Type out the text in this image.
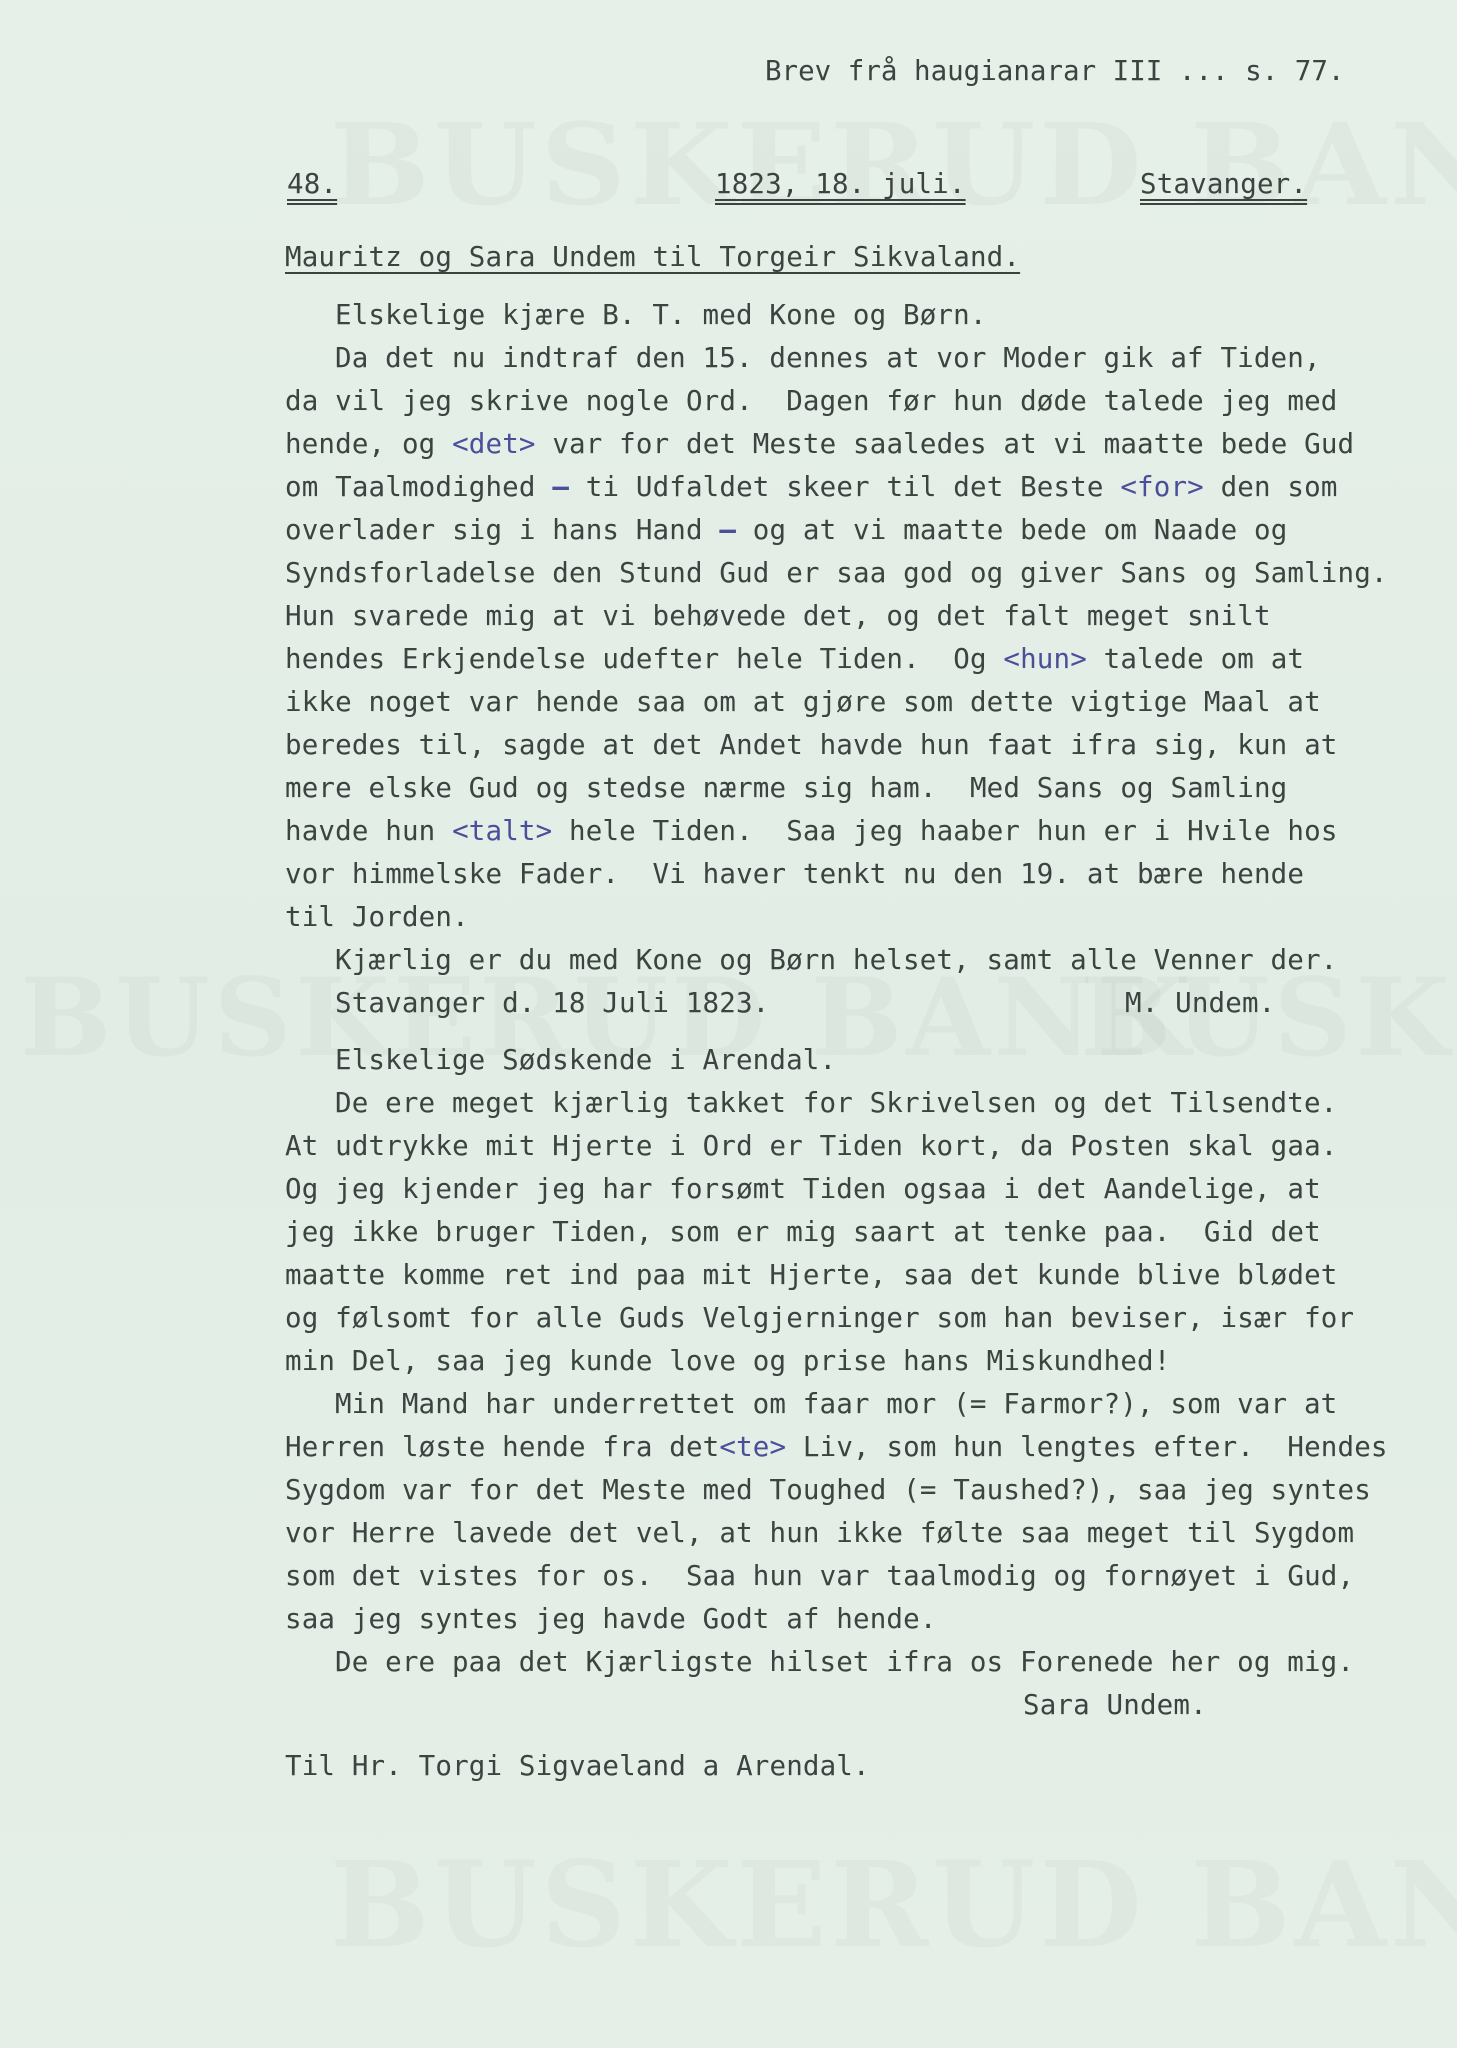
Brev frå haugianarar III ... s. 77.
48.	1823, 18. juli.	Stavanger.
Mauritz og Sara Undem til Torgeir Sikvaland.
Elskelige kjære B. T. med Kone og Børn.
Da det nu indtraf den 15. dennes at vor Moder gik af Tiden,
da vil jeg skrive nogle Ord.  Dagen før hun døde talede jeg med
hende, og <det> var for det Meste saaledes at vi maatte bede Gud
om Taalmodighed – ti Udfaldet skeer til det Beste <for> den som
overlader sig i hans Hand – og at vi maatte bede om Naade og
Syndsforladelse den Stund Gud er saa god og giver Sans og Samling.
Hun svarede mig at vi behøvede det, og det falt meget snilt
hendes Erkjendelse udefter hele Tiden.  Og <hun> talede om at
ikke noget var hende saa om at gjøre som dette vigtige Maal at
beredes til, sagde at det Andet havde hun faat ifra sig, kun at
mere elske Gud og stedse nærme sig ham.  Med Sans og Samling
havde hun <talt> hele Tiden.  Saa jeg haaber hun er i Hvile hos
vor himmelske Fader.  Vi haver tenkt nu den 19. at bære hende
til Jorden.
Kjærlig er du med Kone og Børn helset, samt alle Venner der.
Stavanger d. 18 Juli 1823.	M. Undem.
Elskelige Sødskende i Arendal.
De ere meget kjærlig takket for Skrivelsen og det Tilsendte.
At udtrykke mit Hjerte i Ord er Tiden kort, da Posten skal gaa.
Og jeg kjender jeg har forsømt Tiden ogsaa i det Aandelige, at
jeg ikke bruger Tiden, som er mig saart at tenke paa.  Gid det
maatte komme ret ind paa mit Hjerte, saa det kunde blive blødet
og følsomt for alle Guds Velgjerninger som han beviser, især for
min Del, saa jeg kunde love og prise hans Miskundhed!
Min Mand har underrettet om faar mor (= Farmor?), som var at
Herren løste hende fra det<te> Liv, som hun lengtes efter.  Hendes
Sygdom var for det Meste med Toughed (= Taushed?), saa jeg syntes
vor Herre lavede det vel, at hun ikke følte saa meget til Sygdom
som det vistes for os.  Saa hun var taalmodig og fornøyet i Gud,
saa jeg syntes jeg havde Godt af hende.
De ere paa det Kjærligste hilset ifra os Forenede her og mig.
Sara Undem.
Til Hr. Torgi Sigvaeland a Arendal.
